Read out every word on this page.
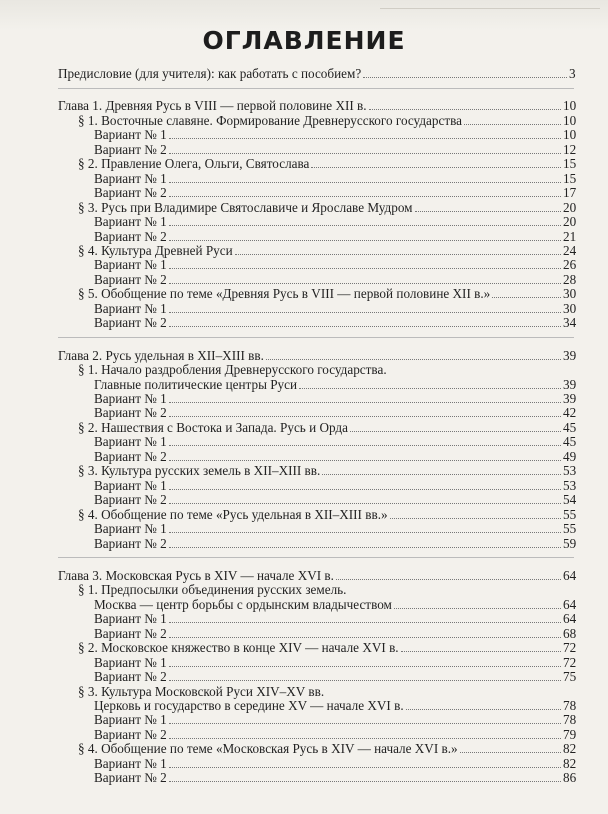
ОГЛАВЛЕНИЕ
Предисловие (для учителя): как работать с пособием?	3
Глава 1. Древняя Русь в VIII — первой половине XII в.	10
§ 1. Восточные славяне. Формирование Древнерусского государства	10
Вариант № 1	10
Вариант № 2	12
§ 2. Правление Олега, Ольги, Святослава	15
Вариант № 1	15
Вариант № 2	17
§ 3. Русь при Владимире Святославиче и Ярославе Мудром	20
Вариант № 1	20
Вариант № 2	21
§ 4. Культура Древней Руси	24
Вариант № 1	26
Вариант № 2	28
§ 5. Обобщение по теме «Древняя Русь в VIII — первой половине XII в.»	30
Вариант № 1	30
Вариант № 2	34
Глава 2. Русь удельная в XII–XIII вв.	39
§ 1. Начало раздробления Древнерусского государства.
Главные политические центры Руси	39
Вариант № 1	39
Вариант № 2	42
§ 2. Нашествия с Востока и Запада. Русь и Орда	45
Вариант № 1	45
Вариант № 2	49
§ 3. Культура русских земель в XII–XIII вв.	53
Вариант № 1	53
Вариант № 2	54
§ 4. Обобщение по теме «Русь удельная в XII–XIII вв.»	55
Вариант № 1	55
Вариант № 2	59
Глава 3. Московская Русь в XIV — начале XVI в.	64
§ 1. Предпосылки объединения русских земель.
Москва — центр борьбы с ордынским владычеством	64
Вариант № 1	64
Вариант № 2	68
§ 2. Московское княжество в конце XIV — начале XVI в.	72
Вариант № 1	72
Вариант № 2	75
§ 3. Культура Московской Руси XIV–XV вв.
Церковь и государство в середине XV — начале XVI в.	78
Вариант № 1	78
Вариант № 2	79
§ 4. Обобщение по теме «Московская Русь в XIV — начале XVI в.»	82
Вариант № 1	82
Вариант № 2	86
